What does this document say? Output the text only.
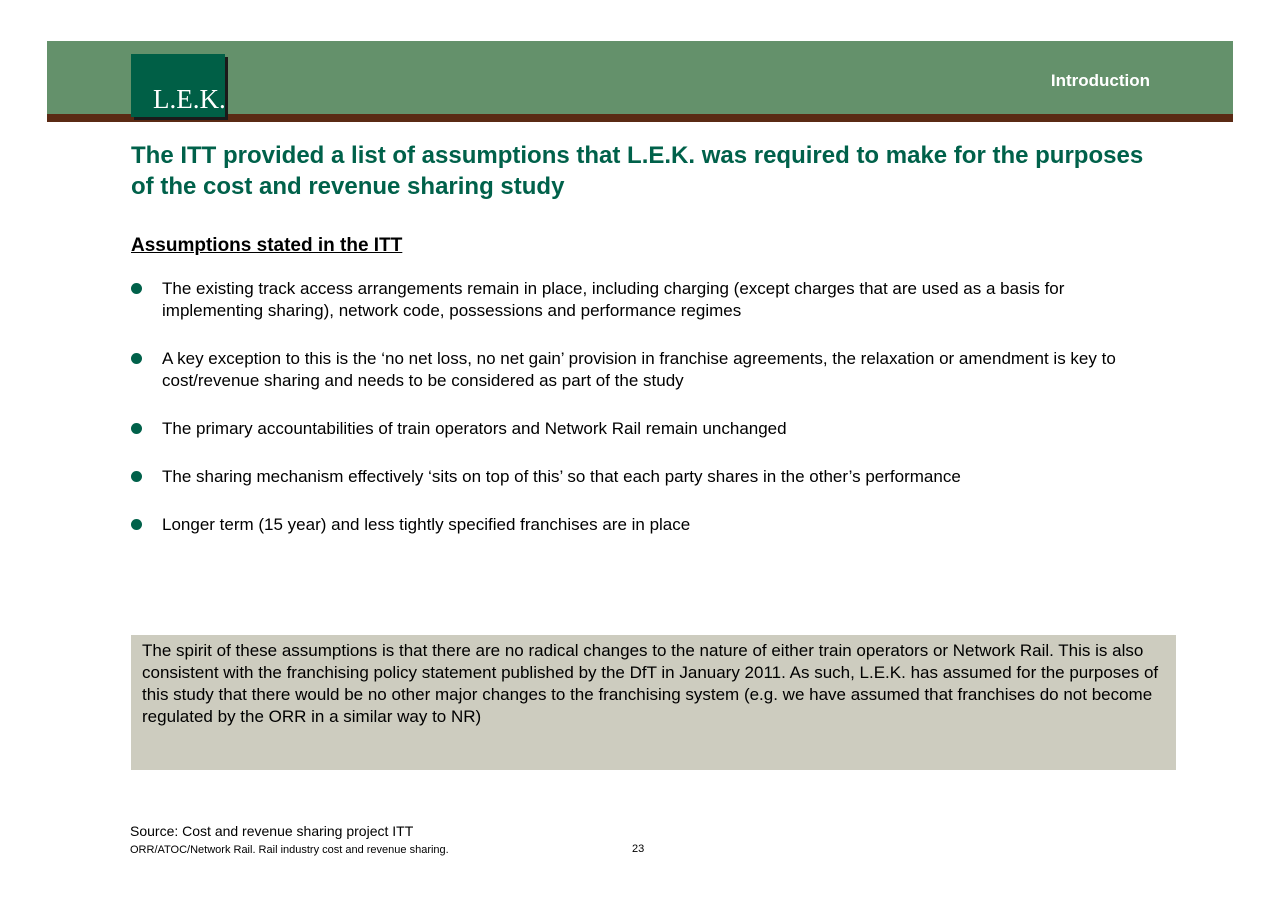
L.E.K.
Introduction
The ITT provided a list of assumptions that L.E.K. was required to make for the purposes of the cost and revenue sharing study
Assumptions stated in the ITT
The existing track access arrangements remain in place, including charging (except charges that are used as a basis for implementing sharing), network code, possessions and performance regimes
A key exception to this is the ‘no net loss, no net gain’ provision in franchise agreements, the relaxation or amendment is key to cost/revenue sharing and needs to be considered as part of the study
The primary accountabilities of train operators and Network Rail remain unchanged
The sharing mechanism effectively ‘sits on top of this’ so that each party shares in the other’s performance
Longer term (15 year) and less tightly specified franchises are in place
The spirit of these assumptions is that there are no radical changes to the nature of either train operators or Network Rail. This is also consistent with the franchising policy statement published by the DfT in January 2011. As such, L.E.K. has assumed for the purposes of this study that there would be no other major changes to the franchising system (e.g. we have assumed that franchises do not become regulated by the ORR in a similar way to NR)
Source: Cost and revenue sharing project ITT
ORR/ATOC/Network Rail. Rail industry cost and revenue sharing.	23
